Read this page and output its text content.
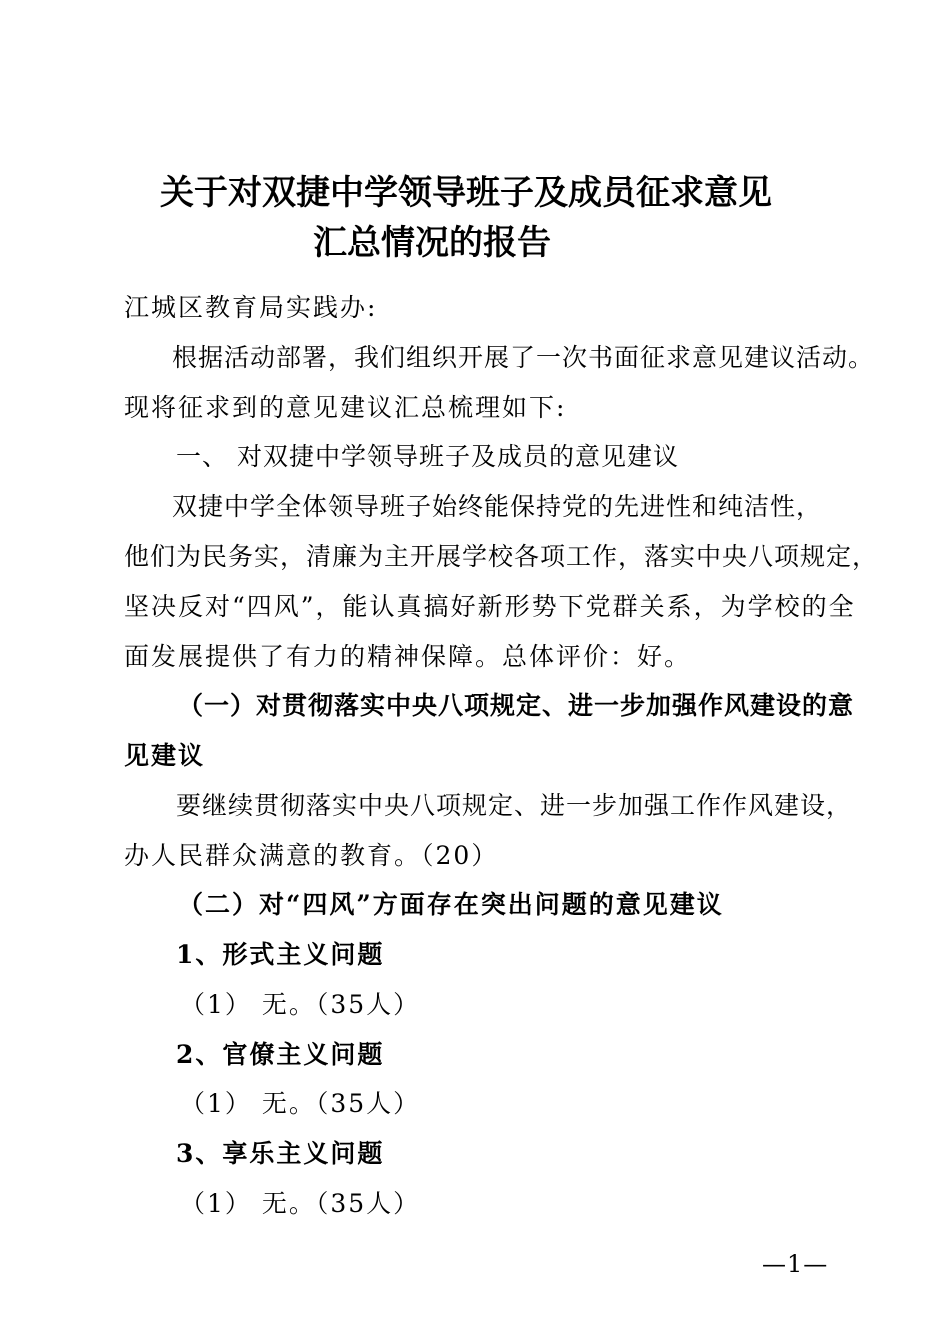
关于对双捷中学领导班子及成员征求意见
汇总情况的报告
江城区教育局实践办:
根据活动部署，我们组织开展了一次书面征求意见建议活动。
现将征求到的意见建议汇总梳理如下:
一、 对双捷中学领导班子及成员的意见建议
双捷中学全体领导班子始终能保持党的先进性和纯洁性，
他们为民务实，清廉为主开展学校各项工作，落实中央八项规定，
坚决反对“四风”，能认真搞好新形势下党群关系，为学校的全
面发展提供了有力的精神保障。总体评价：好。
（一）对贯彻落实中央八项规定、进一步加强作风建设的意
见建议
要继续贯彻落实中央八项规定、进一步加强工作作风建设，
办人民群众满意的教育。（20）
（二）对“四风”方面存在突出问题的意见建议
1、形式主义问题
（1） 无。（35人）
2、官僚主义问题
（1） 无。（35人）
3、享乐主义问题
（1） 无。（35人）
—1—
